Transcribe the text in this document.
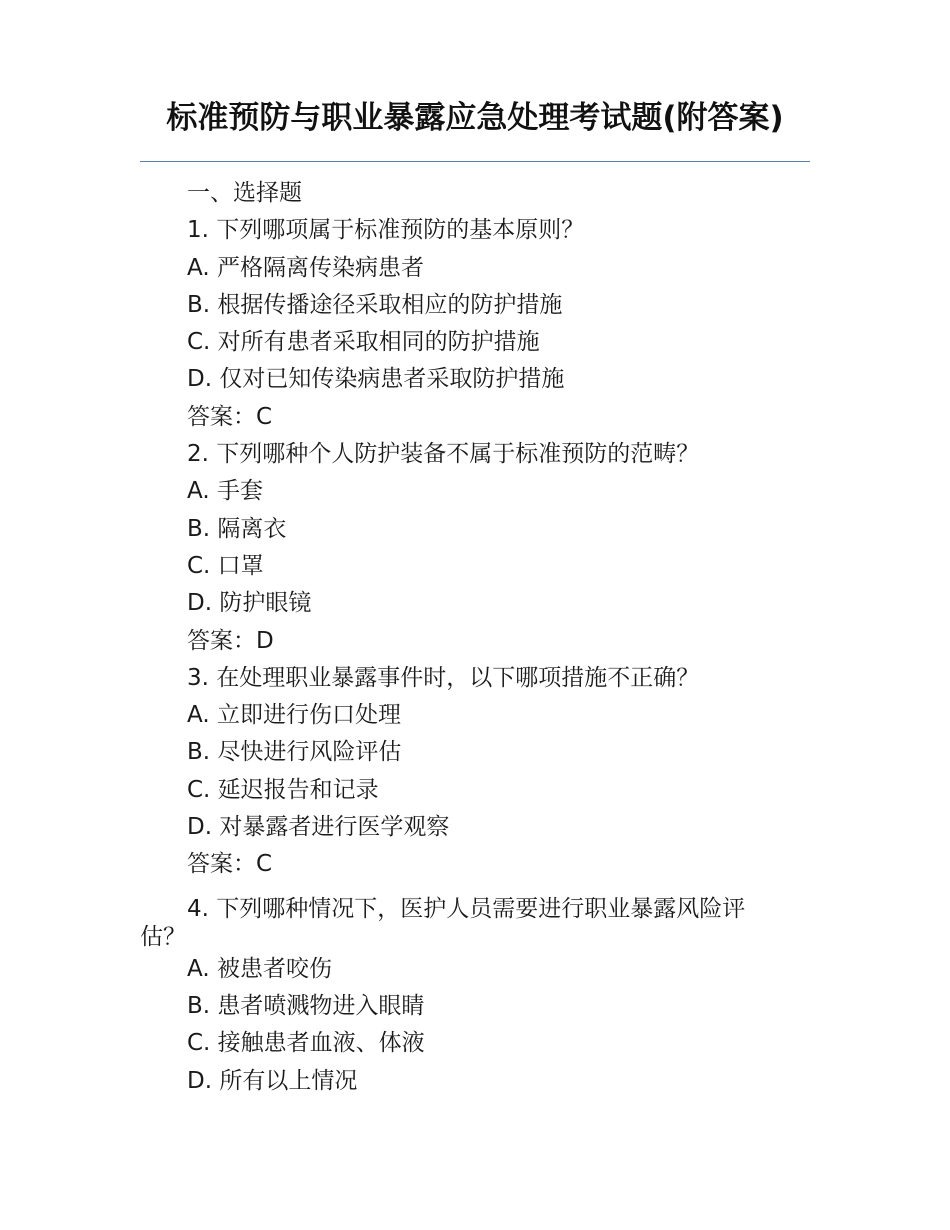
标准预防与职业暴露应急处理考试题(附答案)
一、选择题
1. 下列哪项属于标准预防的基本原则？
A. 严格隔离传染病患者
B. 根据传播途径采取相应的防护措施
C. 对所有患者采取相同的防护措施
D. 仅对已知传染病患者采取防护措施
答案：C
2. 下列哪种个人防护装备不属于标准预防的范畴？
A. 手套
B. 隔离衣
C. 口罩
D. 防护眼镜
答案：D
3. 在处理职业暴露事件时，以下哪项措施不正确？
A. 立即进行伤口处理
B. 尽快进行风险评估
C. 延迟报告和记录
D. 对暴露者进行医学观察
答案：C
4. 下列哪种情况下，医护人员需要进行职业暴露风险评估？
A. 被患者咬伤
B. 患者喷溅物进入眼睛
C. 接触患者血液、体液
D. 所有以上情况
